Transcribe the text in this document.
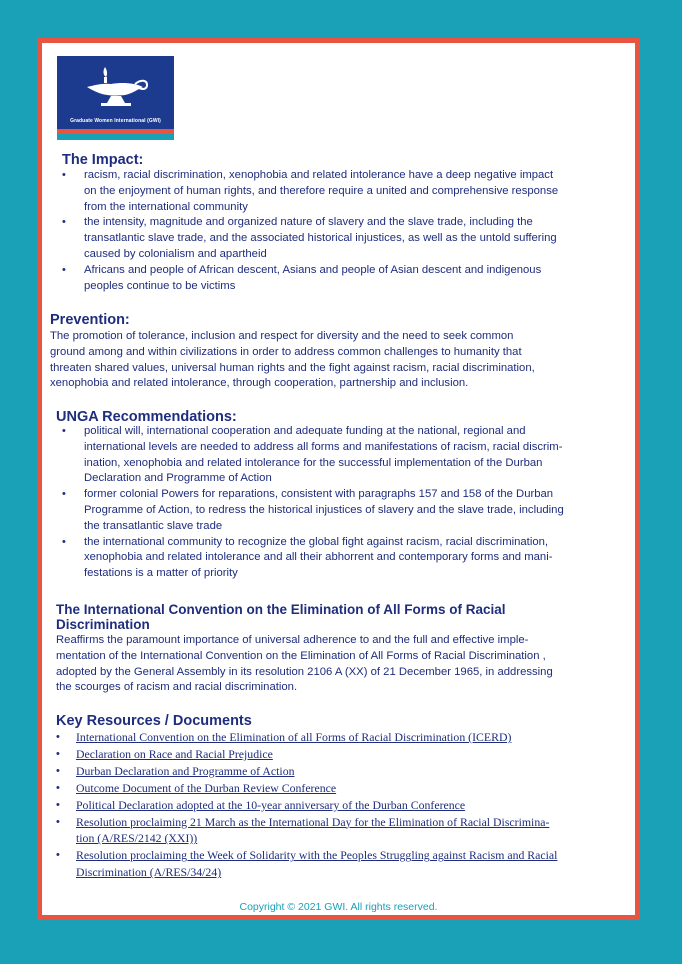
Graduate Women International (GWI)
The Impact:
• racism, racial discrimination, xenophobia and related intolerance have a deep negative impact
on the enjoyment of human rights, and therefore require a united and comprehensive response
from the international community
• the intensity, magnitude and organized nature of slavery and the slave trade, including the
transatlantic slave trade, and the associated historical injustices, as well as the untold suffering
caused by colonialism and apartheid
• Africans and people of African descent, Asians and people of Asian descent and indigenous
peoples continue to be victims
Prevention:
The promotion of tolerance, inclusion and respect for diversity and the need to seek common
ground among and within civilizations in order to address common challenges to humanity that
threaten shared values, universal human rights and the fight against racism, racial discrimination,
xenophobia and related intolerance, through cooperation, partnership and inclusion.
UNGA Recommendations:
• political will, international cooperation and adequate funding at the national, regional and
international levels are needed to address all forms and manifestations of racism, racial discrim-
ination, xenophobia and related intolerance for the successful implementation of the Durban
Declaration and Programme of Action
• former colonial Powers for reparations, consistent with paragraphs 157 and 158 of the Durban
Programme of Action, to redress the historical injustices of slavery and the slave trade, including
the transatlantic slave trade
• the international community to recognize the global fight against racism, racial discrimination,
xenophobia and related intolerance and all their abhorrent and contemporary forms and mani-
festations is a matter of priority
The International Convention on the Elimination of All Forms of Racial
Discrimination
Reaffirms the paramount importance of universal adherence to and the full and effective imple-
mentation of the International Convention on the Elimination of All Forms of Racial Discrimination ,
adopted by the General Assembly in its resolution 2106 A (XX) of 21 December 1965, in addressing
the scourges of racism and racial discrimination.
Key Resources / Documents
• International Convention on the Elimination of all Forms of Racial Discrimination (ICERD)
• Declaration on Race and Racial Prejudice
• Durban Declaration and Programme of Action
• Outcome Document of the Durban Review Conference
• Political Declaration adopted at the 10-year anniversary of the Durban Conference
• Resolution proclaiming 21 March as the International Day for the Elimination of Racial Discrimina-
tion (A/RES/2142 (XXI))
• Resolution proclaiming the Week of Solidarity with the Peoples Struggling against Racism and Racial
Discrimination (A/RES/34/24)
Copyright © 2021 GWI. All rights reserved.
